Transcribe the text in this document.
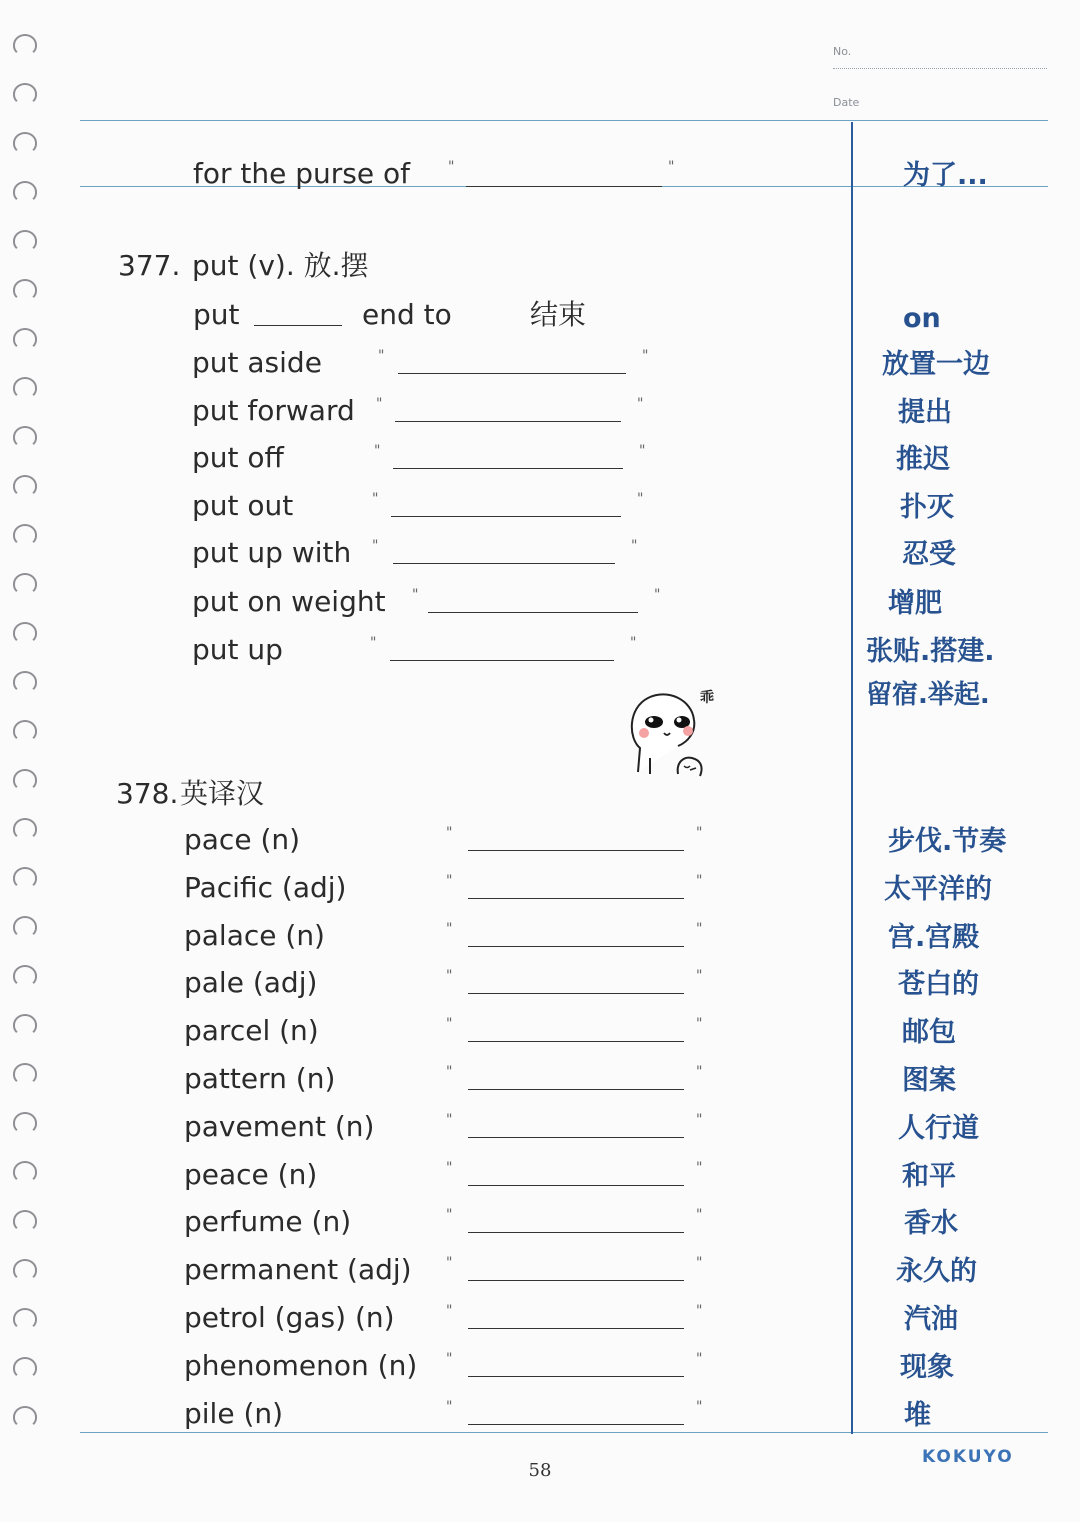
No.
Date
for the purse of	"	"	为了...
377. put (v). 放.摆
put	end to	结束	on
put aside	"	"	放置一边
put forward "	"	提出
put off	"	"	推迟
put out	"	"	扑灭
put up with "	"	忍受
put on weight "	"	增肥
put up	"	"	张贴.搭建.
留宿.举起.
乖
378. 英译汉
pace (n)	"	"	步伐.节奏
Pacific (adj)	"	"	太平洋的
palace (n)	"	"	宫.宫殿
pale (adj)	"	"	苍白的
parcel (n)	"	"	邮包
pattern (n)	"	"	图案
pavement (n)	"	"	人行道
peace (n)	"	"	和平
perfume (n)	"	"	香水
permanent (adj) "	"	永久的
petrol (gas) (n)	"	"	汽油
phenomenon (n) "	"	现象
pile (n)	"	"	堆
58
KOKUYO
